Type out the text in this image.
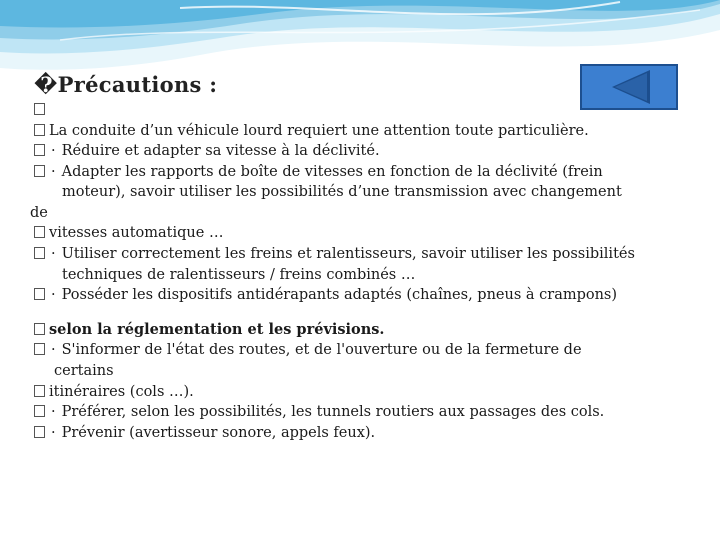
�Précautions :
La conduite d’un véhicule lourd requiert une attention toute particulière.
· Réduire et adapter sa vitesse à la déclivité.
· Adapter les rapports de boîte de vitesses en fonction de la déclivité (frein
moteur), savoir utiliser les possibilités d’une transmission avec changement
de
vitesses automatique …
· Utiliser correctement les freins et ralentisseurs, savoir utiliser les possibilités
techniques de ralentisseurs / freins combinés …
· Posséder les dispositifs antidérapants adaptés (chaînes, pneus à crampons)
selon la réglementation et les prévisions.
· S'informer de l'état des routes, et de l'ouverture ou de la fermeture de
certains
itinéraires (cols …).
· Préférer, selon les possibilités, les tunnels routiers aux passages des cols.
· Prévenir (avertisseur sonore, appels feux).
